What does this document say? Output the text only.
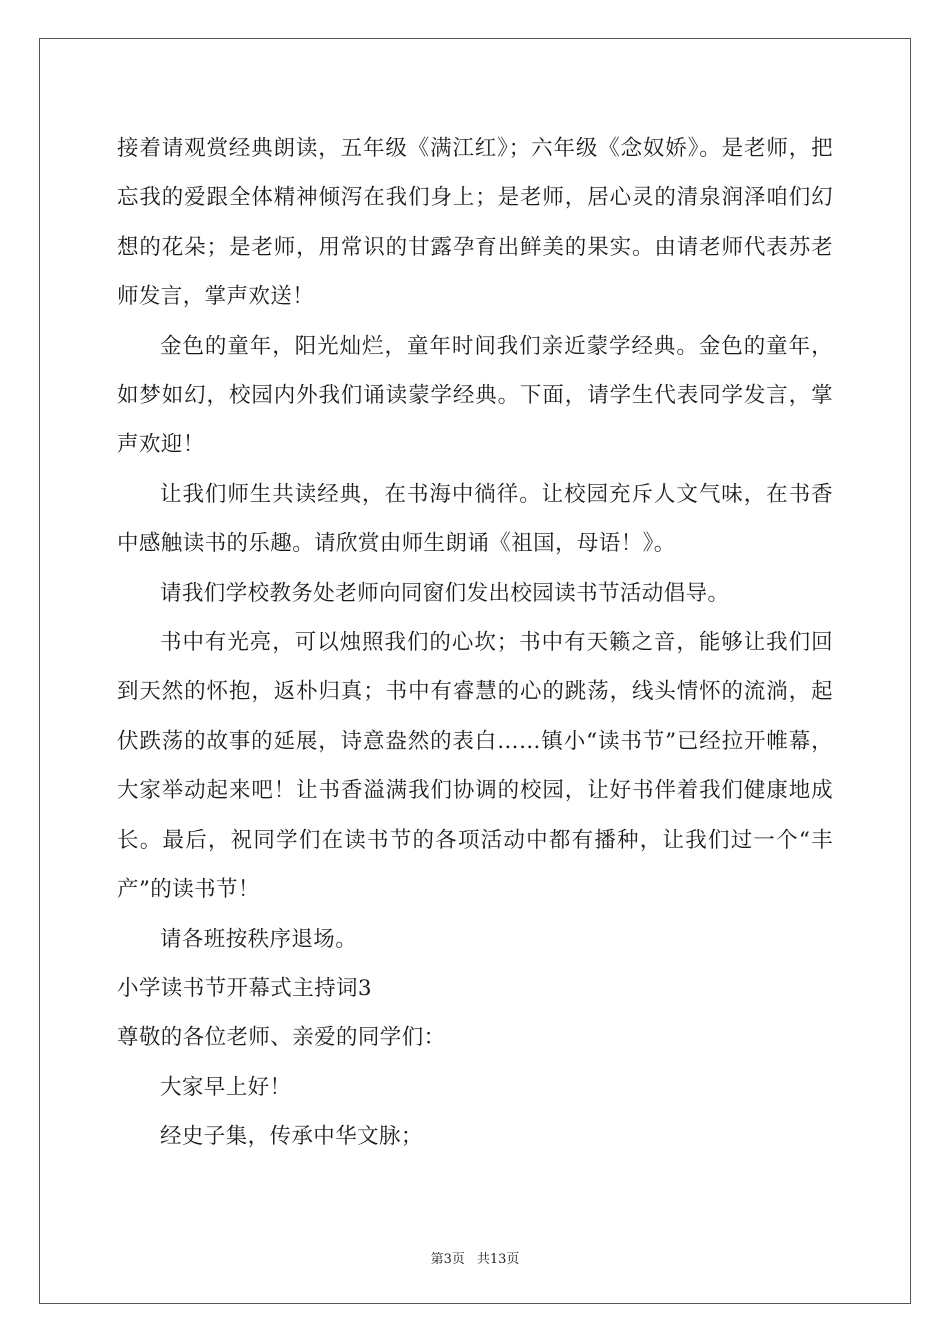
接着请观赏经典朗读，五年级《满江红》；六年级《念奴娇》。是老师，把忘我的爱跟全体精神倾泻在我们身上；是老师，居心灵的清泉润泽咱们幻想的花朵；是老师，用常识的甘露孕育出鲜美的果实。由请老师代表苏老师发言，掌声欢送！

金色的童年，阳光灿烂，童年时间我们亲近蒙学经典。金色的童年，如梦如幻，校园内外我们诵读蒙学经典。下面，请学生代表同学发言，掌声欢迎！

让我们师生共读经典，在书海中徜徉。让校园充斥人文气味，在书香中感触读书的乐趣。请欣赏由师生朗诵《祖国，母语！》。

请我们学校教务处老师向同窗们发出校园读书节活动倡导。

书中有光亮，可以烛照我们的心坎；书中有天籁之音，能够让我们回到天然的怀抱，返朴归真；书中有睿慧的心的跳荡，线头情怀的流淌，起伏跌荡的故事的延展，诗意盎然的表白……镇小“读书节”已经拉开帷幕，大家举动起来吧！让书香溢满我们协调的校园，让好书伴着我们健康地成长。最后，祝同学们在读书节的各项活动中都有播种，让我们过一个“丰产”的读书节！

请各班按秩序退场。

小学读书节开幕式主持词3

尊敬的各位老师、亲爱的同学们：

大家早上好！

经史子集，传承中华文脉；

第3页 共13页
